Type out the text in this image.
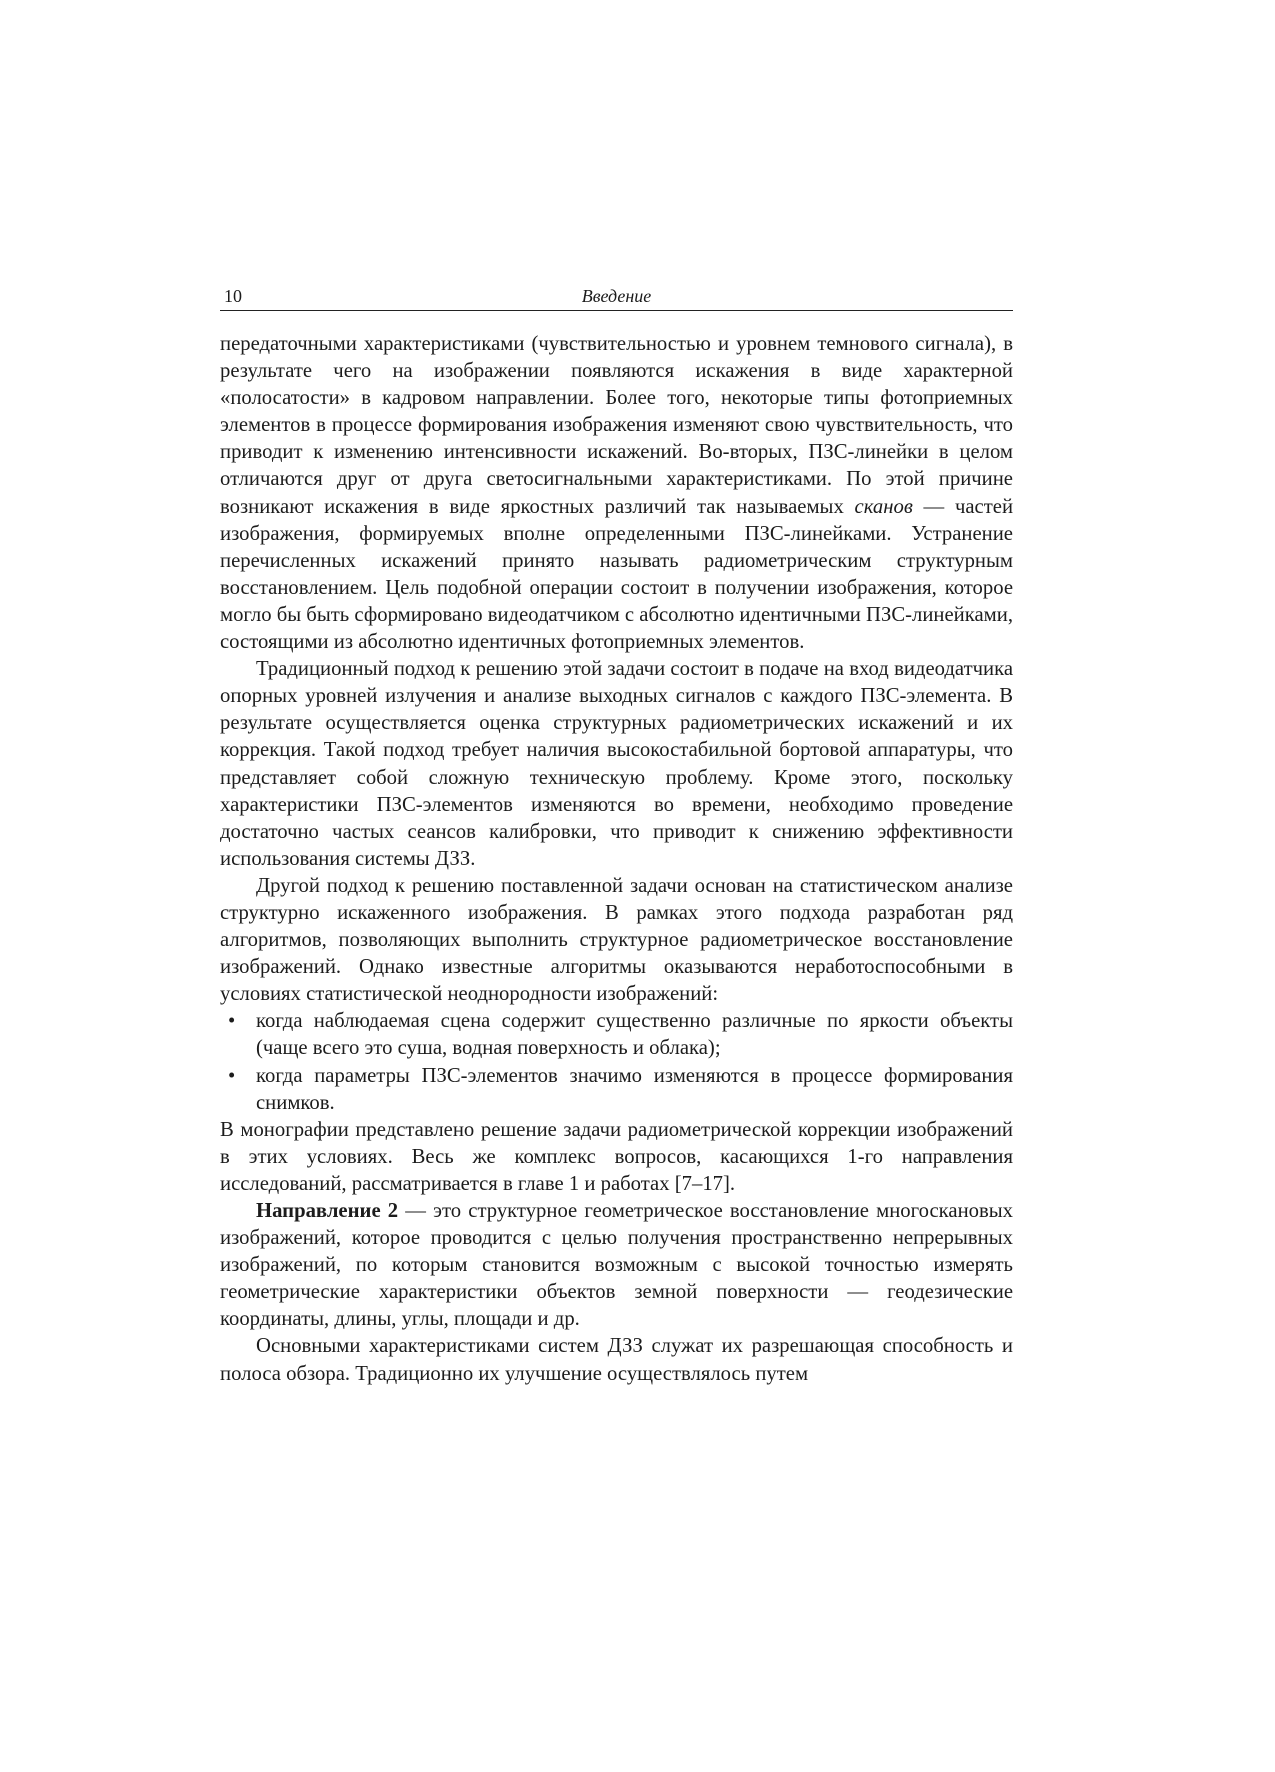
10	Введение

передаточными характеристиками (чувствительностью и уровнем темнового сигнала), в результате чего на изображении появляются искажения в виде характерной «полосатости» в кадровом направлении. Более того, некоторые типы фотоприемных элементов в процессе формирования изображения изменяют свою чувствительность, что приводит к изменению интенсивности искажений. Во-вторых, ПЗС-линейки в целом отличаются друг от друга светосигнальными характеристиками. По этой причине возникают искажения в виде яркостных различий так называемых сканов — частей изображения, формируемых вполне определенными ПЗС-линейками. Устранение перечисленных искажений принято называть радиометрическим структурным восстановлением. Цель подобной операции состоит в получении изображения, которое могло бы быть сформировано видеодатчиком с абсолютно идентичными ПЗС-линейками, состоящими из абсолютно идентичных фотоприемных элементов.

Традиционный подход к решению этой задачи состоит в подаче на вход видеодатчика опорных уровней излучения и анализе выходных сигналов с каждого ПЗС-элемента. В результате осуществляется оценка структурных радиометрических искажений и их коррекция. Такой подход требует наличия высокостабильной бортовой аппаратуры, что представляет собой сложную техническую проблему. Кроме этого, поскольку характеристики ПЗС-элементов изменяются во времени, необходимо проведение достаточно частых сеансов калибровки, что приводит к снижению эффективности использования системы ДЗЗ.

Другой подход к решению поставленной задачи основан на статистическом анализе структурно искаженного изображения. В рамках этого подхода разработан ряд алгоритмов, позволяющих выполнить структурное радиометрическое восстановление изображений. Однако известные алгоритмы оказываются неработоспособными в условиях статистической неоднородности изображений:

• когда наблюдаемая сцена содержит существенно различные по яркости объекты (чаще всего это суша, водная поверхность и облака);
• когда параметры ПЗС-элементов значимо изменяются в процессе формирования снимков.

В монографии представлено решение задачи радиометрической коррекции изображений в этих условиях. Весь же комплекс вопросов, касающихся 1-го направления исследований, рассматривается в главе 1 и работах [7–17].

Направление 2 — это структурное геометрическое восстановление многоскановых изображений, которое проводится с целью получения пространственно непрерывных изображений, по которым становится возможным с высокой точностью измерять геометрические характеристики объектов земной поверхности — геодезические координаты, длины, углы, площади и др.

Основными характеристиками систем ДЗЗ служат их разрешающая способность и полоса обзора. Традиционно их улучшение осуществлялось путем
